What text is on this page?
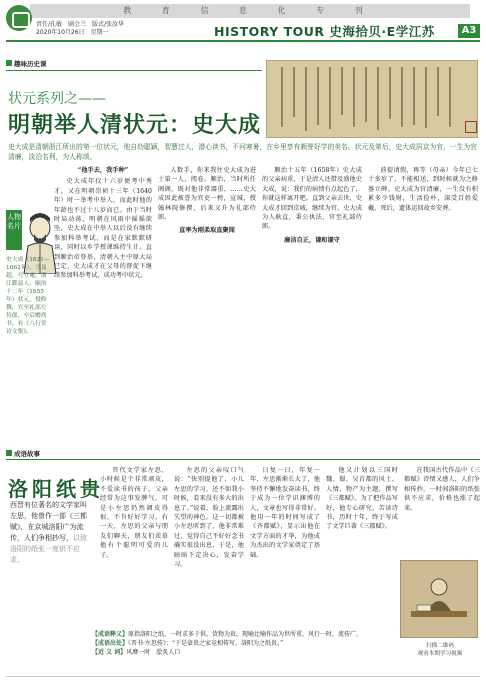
教 育 信 息 化 专 刊
责任/孔敏　刷会兰　版式/张汝华
2020年10月26日　星期一	HISTORY TOUR 史海拾贝·E学江苏	A3
趣味历史课
状元系列之——
明朝举人清状元：史大成
史大成是清朝浙江所出的第一位状元，他自幼聪颖，智慧过人，潜心读书，不问寒暑，在乡里享有颇誉好学的美名。状元及第后，史大成居京为官，一生为官清廉，淡泊名利，为人称颂。
人物名片
史大成（1621—1662年），字及超，号立庵，浙江鄞县人。顺治十二年（1655年）状元，授修撰，官至礼部左侍郎，卒后赠尚书。有《八行堂诗文集》。
“他手去，我手种”

史大成年仅十六岁便考中秀才，又在明朝崇祯十三年（1640年）时一举考中举人，而此时他的年龄也不过十八岁而已。由于当时时局动荡，明朝在风雨中摇摇欲坠，史大成在中举人以后没有继续参加科举考试，而是在家默默研读，同时以乡学授课维持生计。直到顺治帝登基，清朝入主中原大局已定，史大成才在父母的督促下继续参加科举考试，成功考中状元。

人数手，你来我往史大成为进士第一人，阅卷。顺治，当时所任阁阁，既对他非常器重，……史大成因此被誉为官吏一榜，宣城，授翰林院修撰，后来又升为礼部侍郎。

直率为刚柔取直聚闻

顺治十五年（1658年）史大成的父亲病重，于是清人还借及盛他史大成，说：我们的病情有点起色了，你就这样离开吧。直到父亲去世，史大成才回到京城，继续为官。史大成为人耿直，秉公执法，官至礼部侍郎。

廉洁自正，谦和谦守

前提请假，再等（母亲）今年已七十多岁了，不能相送，到时候就为之修墓立碑。史大成为官清廉，一生没有积累多少钱财，生活俭朴，深受百姓爱戴。死后，遗体运回故乡安葬。

成语故事
洛阳纸贵
西晋有位著名的文学家叫左思，他曾作一部《三都赋》，在京城洛阳广为流传，人们争相抄写，以致洛阳的纸张一度供不应求。

晋代文学家左思，小时候是个非常顽皮，不爱读书的孩子。父亲经常为这事发脾气，可是小左思仍然调皮得很，不肯好好学习。有一天，左思的父亲与朋友们聊天，朋友们羡慕他有个聪明可爱的儿子。

左思的父亲叹口气说：“快别提他了，小儿左思的学习，还不如我小时候，看来没有多大的出息了。”说着，脸上流露出失望的神色。这一切都被小左思听到了，他非常难过，觉得自己不好好念书确实很没出息，于是，他暗暗下定决心，发奋学习。

日复一日，年复一年，左思渐渐长大了，他坚持不懈地发奋读书，终于成为一位学识渊博的人，文章也写得非常好。他用一年的时间写成了《齐都赋》，显示出他在文学方面的才华，为他成为杰出的文学家奠定了基础。

他又计划以三国时魏、蜀、吴首都的风土、人情、物产为主题，撰写《三都赋》。为了把作品写好，他专心研究，苦读诗书，历时十年，终于写成了文学巨著《三都赋》。

在我国古代作品中《三都赋》诗情又感人，人们争相传抄，一时间洛阳的纸张供不应求，价格也涨了起来。

【成语释义】原指洛阳之纸，一时求多于供，货物为贵，现喻比喻作品为世所重，风行一时，流传广。
【成语出处】《晋书·左思传》：“于是豪贵之家竞相传写，洛阳为之纸贵。”
【近 义 词】风靡一时　脍炙人口
扫描二维码
观看本期学习视频
